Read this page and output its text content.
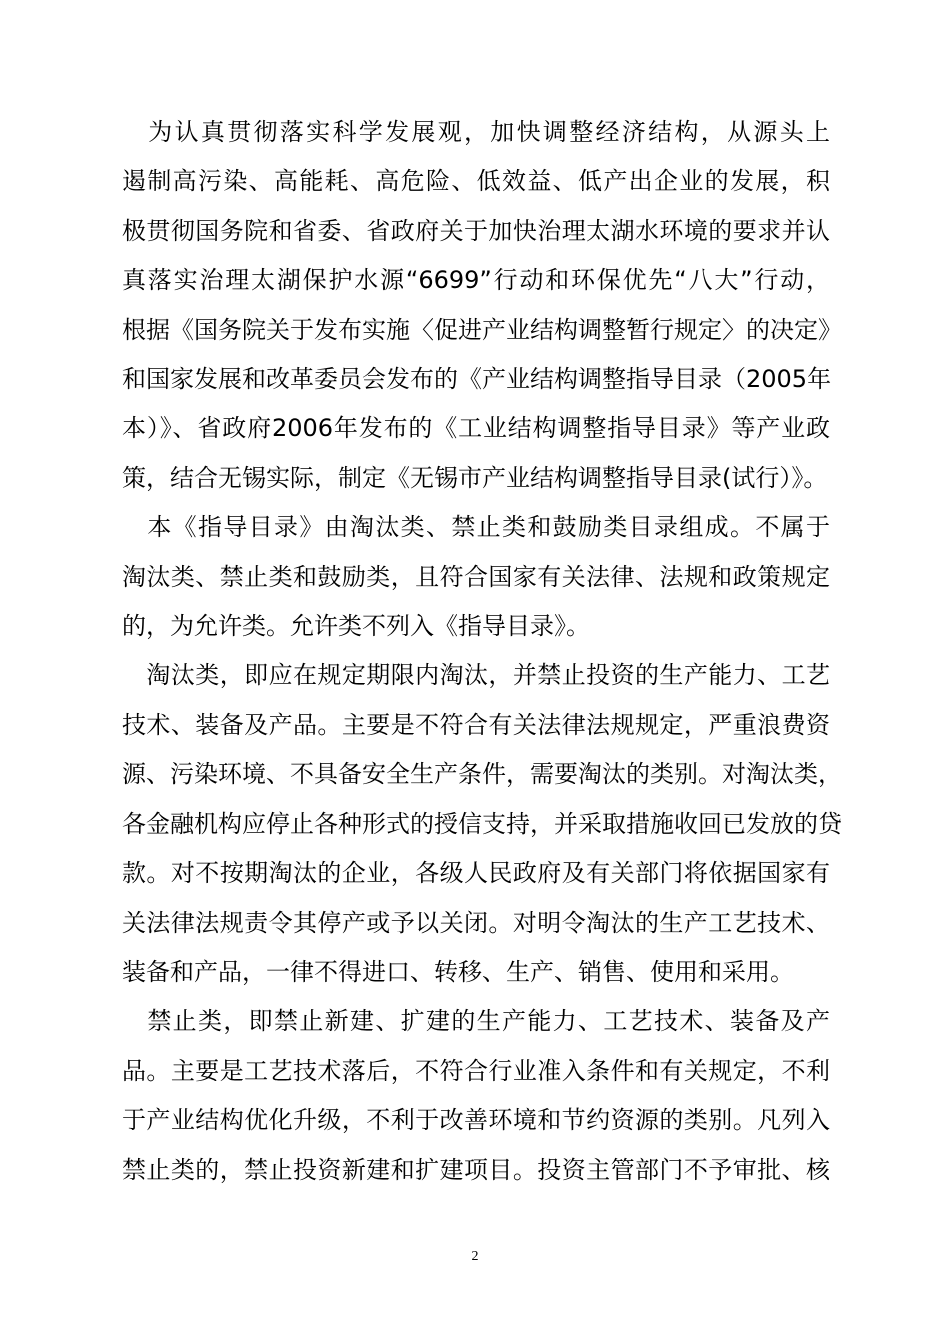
　为认真贯彻落实科学发展观，加快调整经济结构，从源头上
遏制高污染、高能耗、高危险、低效益、低产出企业的发展，积
极贯彻国务院和省委、省政府关于加快治理太湖水环境的要求并认
真落实治理太湖保护水源“6699”行动和环保优先“八大”行动，
根据《国务院关于发布实施〈促进产业结构调整暂行规定〉的决定》
和国家发展和改革委员会发布的《产业结构调整指导目录（2005年
本）》、省政府2006年发布的《工业结构调整指导目录》等产业政
策，结合无锡实际，制定《无锡市产业结构调整指导目录(试行）》。
　本《指导目录》由淘汰类、禁止类和鼓励类目录组成。不属于
淘汰类、禁止类和鼓励类，且符合国家有关法律、法规和政策规定
的，为允许类。允许类不列入《指导目录》。
　淘汰类，即应在规定期限内淘汰，并禁止投资的生产能力、工艺
技术、装备及产品。主要是不符合有关法律法规规定，严重浪费资
源、污染环境、不具备安全生产条件，需要淘汰的类别。对淘汰类，
各金融机构应停止各种形式的授信支持，并采取措施收回已发放的贷
款。对不按期淘汰的企业，各级人民政府及有关部门将依据国家有
关法律法规责令其停产或予以关闭。对明令淘汰的生产工艺技术、
装备和产品，一律不得进口、转移、生产、销售、使用和采用。
　禁止类，即禁止新建、扩建的生产能力、工艺技术、装备及产
品。主要是工艺技术落后，不符合行业准入条件和有关规定，不利
于产业结构优化升级，不利于改善环境和节约资源的类别。凡列入
禁止类的，禁止投资新建和扩建项目。投资主管部门不予审批、核
2
